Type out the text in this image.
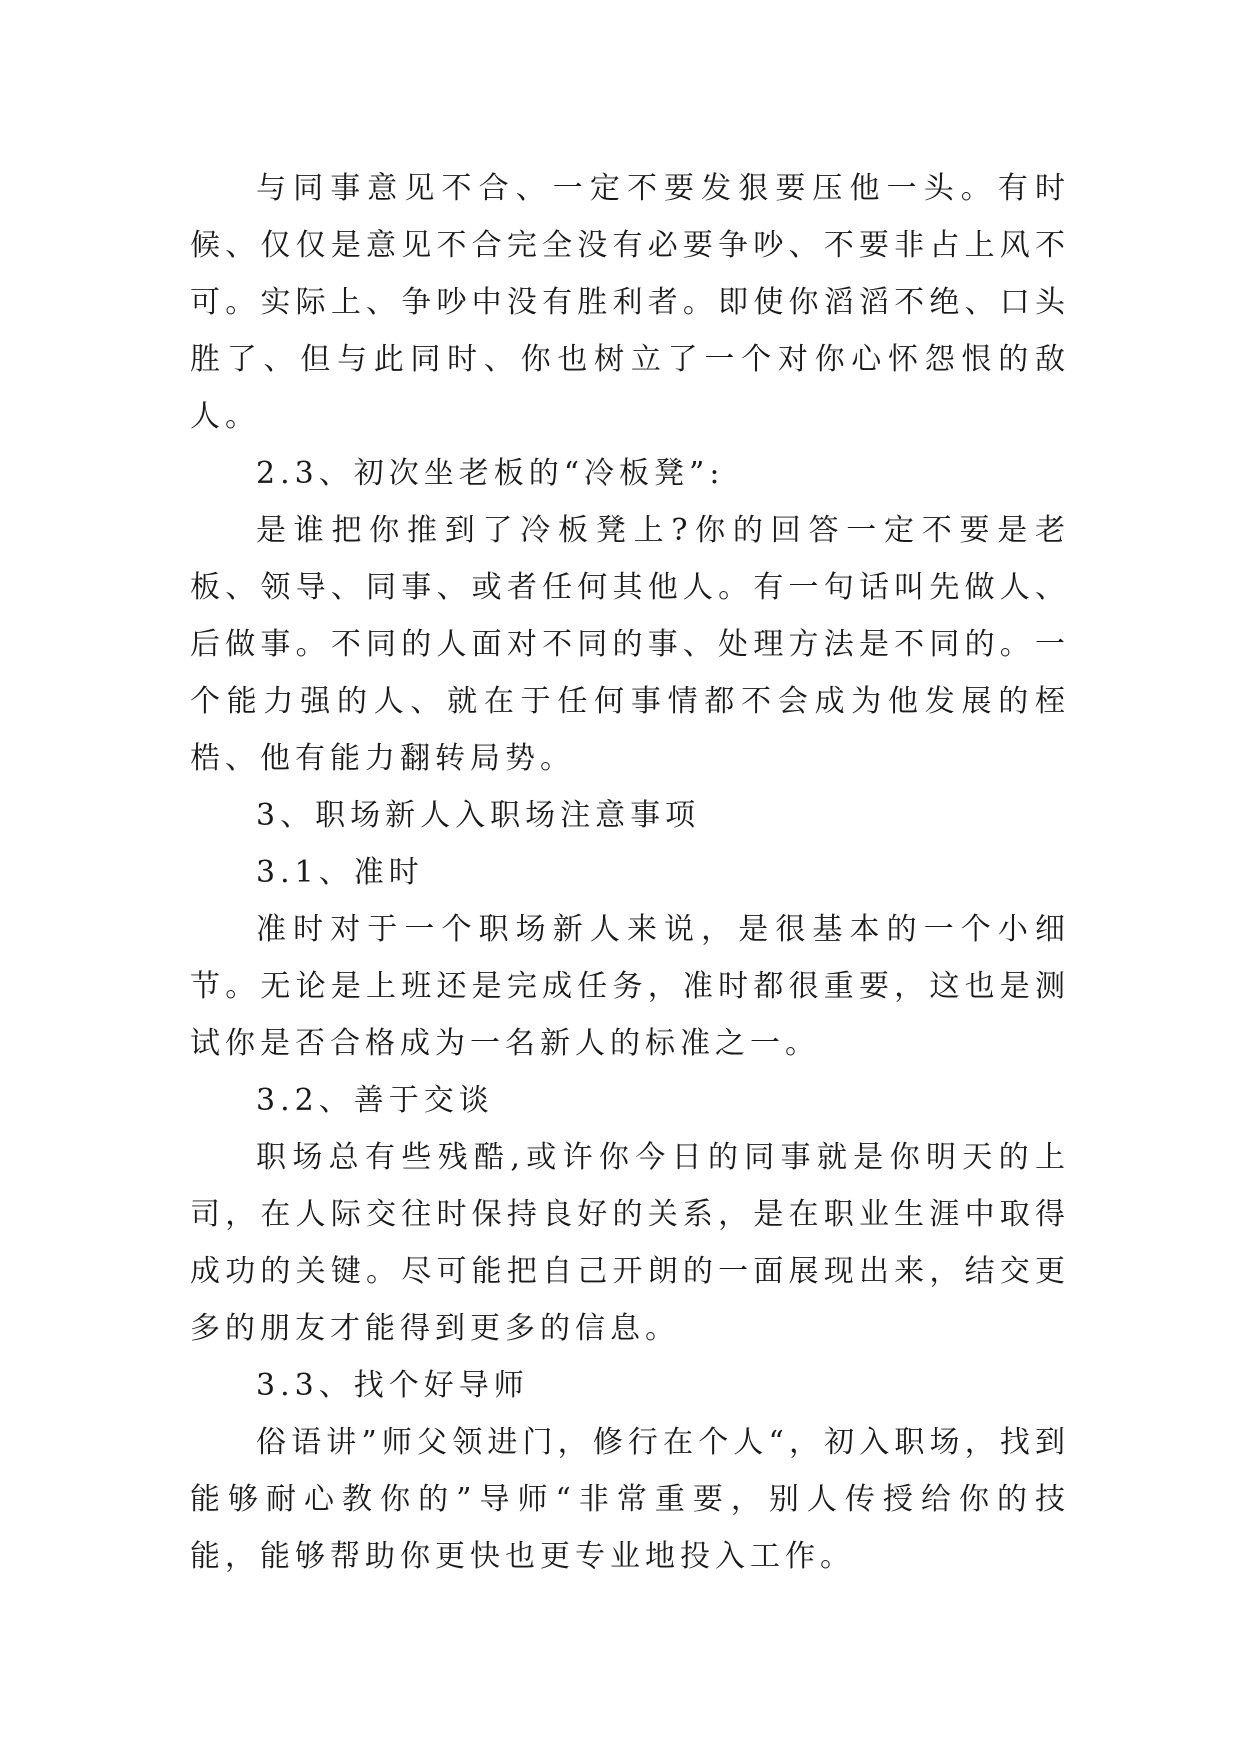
与同事意见不合、一定不要发狠要压他一头。有时候、仅仅是意见不合完全没有必要争吵、不要非占上风不可。实际上、争吵中没有胜利者。即使你滔滔不绝、口头胜了、但与此同时、你也树立了一个对你心怀怨恨的敌人。

2.3、初次坐老板的“冷板凳”:

是谁把你推到了冷板凳上?你的回答一定不要是老板、领导、同事、或者任何其他人。有一句话叫先做人、后做事。不同的人面对不同的事、处理方法是不同的。一个能力强的人、就在于任何事情都不会成为他发展的桎梏、他有能力翻转局势。

3、职场新人入职场注意事项

3.1、准时

准时对于一个职场新人来说，是很基本的一个小细节。无论是上班还是完成任务，准时都很重要，这也是测试你是否合格成为一名新人的标准之一。

3.2、善于交谈

职场总有些残酷,或许你今日的同事就是你明天的上司，在人际交往时保持良好的关系，是在职业生涯中取得成功的关键。尽可能把自己开朗的一面展现出来，结交更多的朋友才能得到更多的信息。

3.3、找个好导师

俗语讲”师父领进门，修行在个人“，初入职场，找到能够耐心教你的”导师“非常重要，别人传授给你的技能，能够帮助你更快也更专业地投入工作。
